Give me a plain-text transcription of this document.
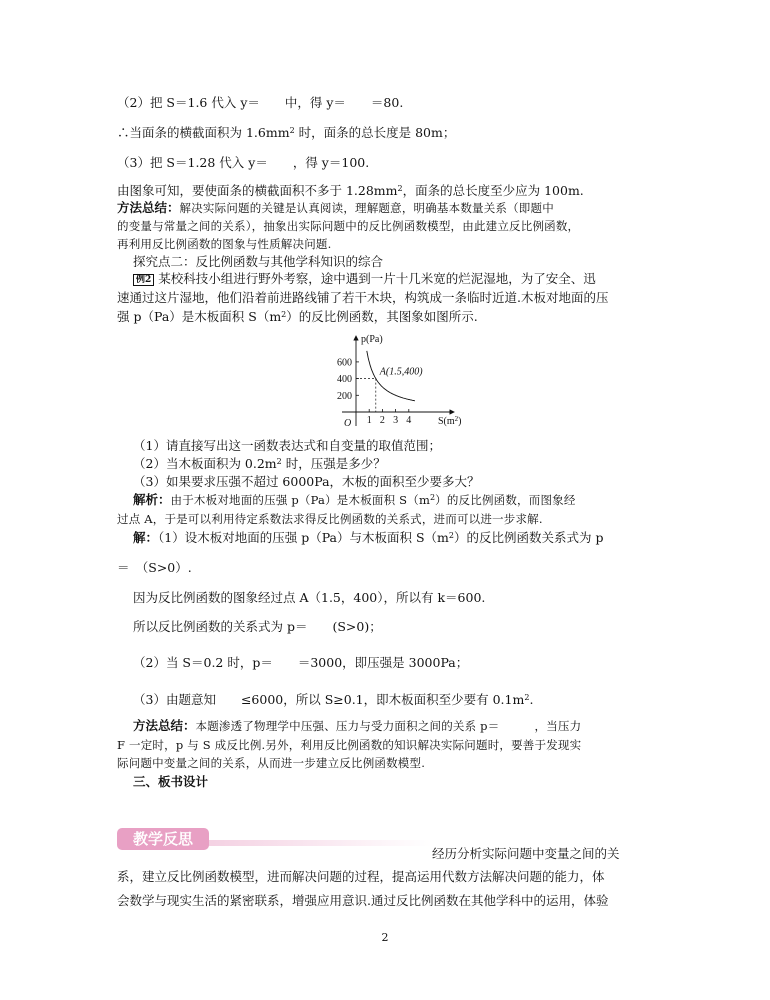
（2）把 S＝1.6 代入 y＝　　中，得 y＝　　＝80.
∴当面条的横截面积为 $1.6mm^2$ 时，面条的总长度是 80m；
（3）把 S＝1.28 代入 y＝　　，得 y＝100.
由图象可知，要使面条的横截面积不多于 $1.28mm^2$，面条的总长度至少应为 100m.
方法总结：解决实际问题的关键是认真阅读，理解题意，明确基本数量关系（即题中
的变量与常量之间的关系），抽象出实际问题中的反比例函数模型，由此建立反比例函数，
再利用反比例函数的图象与性质解决问题.
探究点二：反比例函数与其他学科知识的综合
例2 某校科技小组进行野外考察，途中遇到一片十几米宽的烂泥湿地，为了安全、迅
速通过这片湿地，他们沿着前进路线铺了若干木块，构筑成一条临时近道.木板对地面的压
强 p（Pa）是木板面积 $S(m^2)$的反比例函数，其图象如图所示.
p(Pa)
$S(m^2)$
O 1 2 3 4
200
400
600
A(1.5,400)
（1）请直接写出这一函数表达式和自变量的取值范围；
（2）当木板面积为 $0.2m^2$ 时，压强是多少？
（3）如果要求压强不超过 6000Pa，木板的面积至少要多大？
解析：由于木板对地面的压强 p（Pa）是木板面积 $S(m^2)$的反比例函数，而图象经
过点 A，于是可以利用待定系数法求得反比例函数的关系式，进而可以进一步求解.
解：（1）设木板对地面的压强 p（Pa）与木板面积 $S(m^2)$的反比例函数关系式为 p
＝　（S>0）.
因为反比例函数的图象经过点 A（1.5，400），所以有 k＝600.
所以反比例函数的关系式为 p＝　　(S>0)；
（2）当 S＝0.2 时，p＝　　＝3000，即压强是 3000Pa；
（3）由题意知　　≤6000，所以 S≥0.1，即木板面积至少要有 $0.1m^2$.
方法总结：本题渗透了物理学中压强、压力与受力面积之间的关系 p＝　　　，当压力
F 一定时，p 与 S 成反比例.另外，利用反比例函数的知识解决实际问题时，要善于发现实
际问题中变量之间的关系，从而进一步建立反比例函数模型.
三、板书设计
教学反思
经历分析实际问题中变量之间的关
系，建立反比例函数模型，进而解决问题的过程，提高运用代数方法解决问题的能力，体
会数学与现实生活的紧密联系，增强应用意识.通过反比例函数在其他学科中的运用，体验
2
